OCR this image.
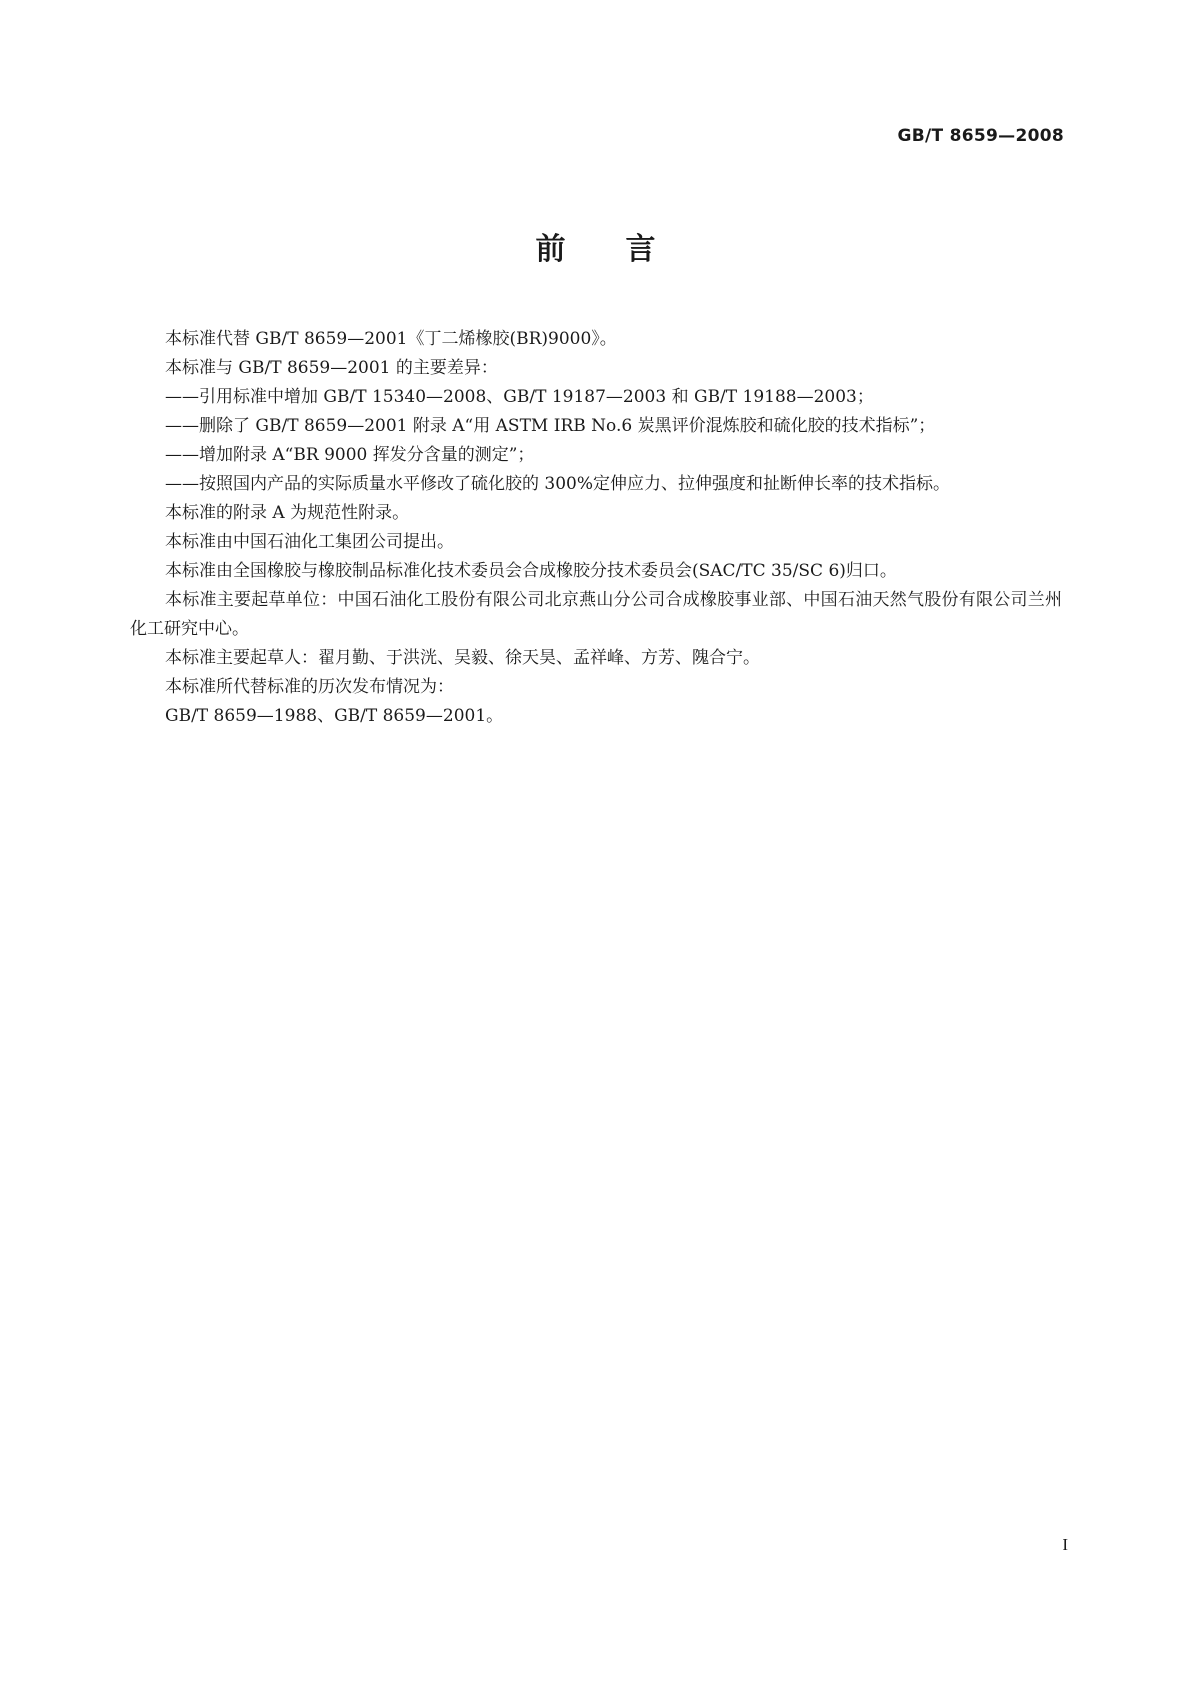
GB/T 8659—2008
前言

本标准代替 GB/T 8659—2001《丁二烯橡胶(BR)9000》。

本标准与 GB/T 8659—2001 的主要差异：

——引用标准中增加 GB/T 15340—2008、GB/T 19187—2003 和 GB/T 19188—2003；

——删除了 GB/T 8659—2001 附录 A“用 ASTM IRB No.6 炭黑评价混炼胶和硫化胶的技术指标”；

——增加附录 A“BR 9000 挥发分含量的测定”；

——按照国内产品的实际质量水平修改了硫化胶的 300%定伸应力、拉伸强度和扯断伸长率的技术指标。

本标准的附录 A 为规范性附录。

本标准由中国石油化工集团公司提出。

本标准由全国橡胶与橡胶制品标准化技术委员会合成橡胶分技术委员会(SAC/TC 35/SC 6)归口。

本标准主要起草单位：中国石油化工股份有限公司北京燕山分公司合成橡胶事业部、中国石油天然气股份有限公司兰州化工研究中心。

本标准主要起草人：翟月勤、于洪洸、吴毅、徐天昊、孟祥峰、方芳、隗合宁。

本标准所代替标准的历次发布情况为：

GB/T 8659—1988、GB/T 8659—2001。

I
